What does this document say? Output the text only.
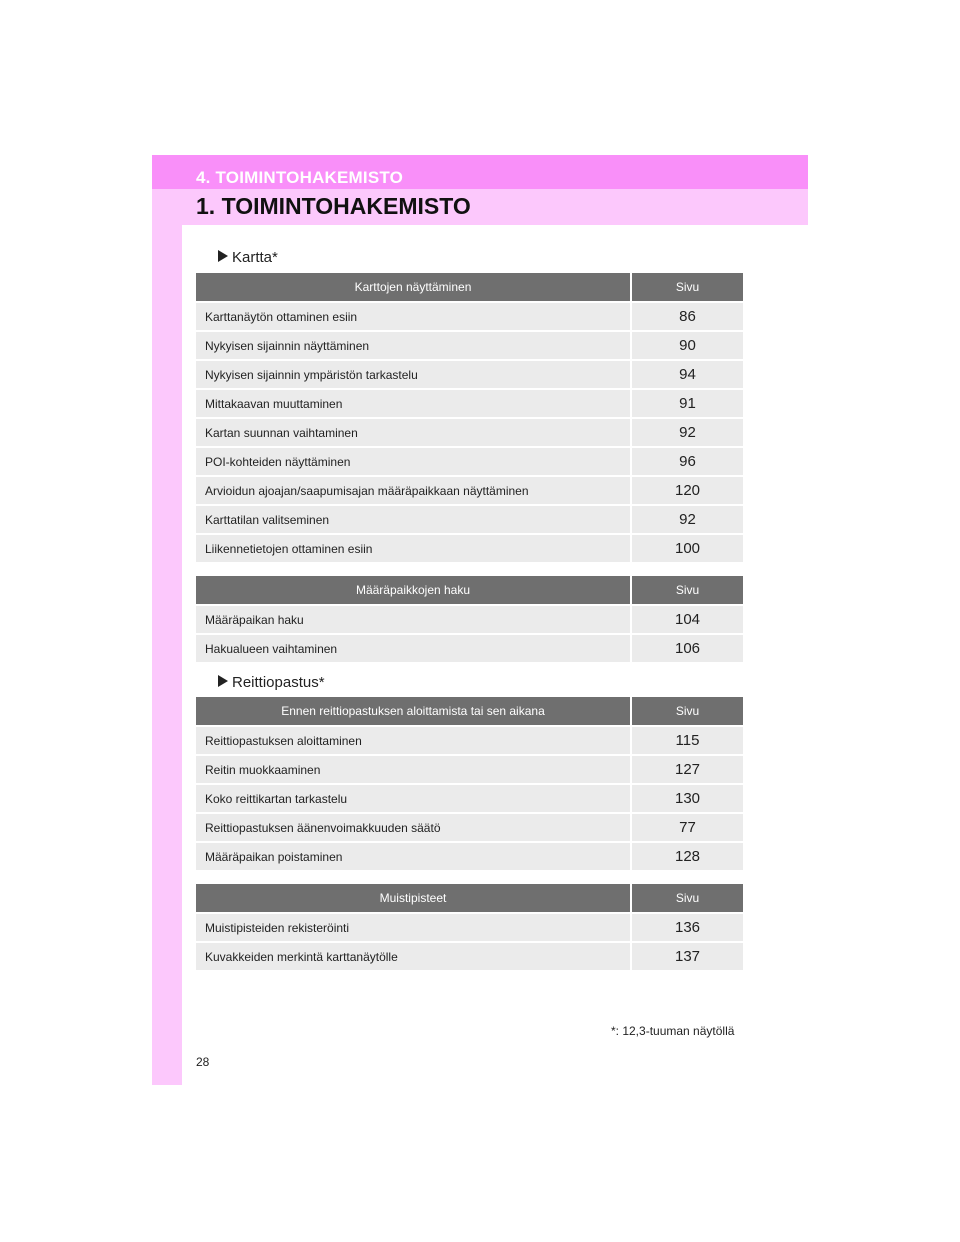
4. TOIMINTOHAKEMISTO
1. TOIMINTOHAKEMISTO
Kartta*
Karttojen näyttäminen	Sivu
Karttanäytön ottaminen esiin	86
Nykyisen sijainnin näyttäminen	90
Nykyisen sijainnin ympäristön tarkastelu	94
Mittakaavan muuttaminen	91
Kartan suunnan vaihtaminen	92
POI-kohteiden näyttäminen	96
Arvioidun ajoajan/saapumisajan määräpaikkaan näyttäminen	120
Karttatilan valitseminen	92
Liikennetietojen ottaminen esiin	100
Määräpaikkojen haku	Sivu
Määräpaikan haku	104
Hakualueen vaihtaminen	106
Reittiopastus*
Ennen reittiopastuksen aloittamista tai sen aikana	Sivu
Reittiopastuksen aloittaminen	115
Reitin muokkaaminen	127
Koko reittikartan tarkastelu	130
Reittiopastuksen äänenvoimakkuuden säätö	77
Määräpaikan poistaminen	128
Muistipisteet	Sivu
Muistipisteiden rekisteröinti	136
Kuvakkeiden merkintä karttanäytölle	137
*: 12,3-tuuman näytöllä
28
